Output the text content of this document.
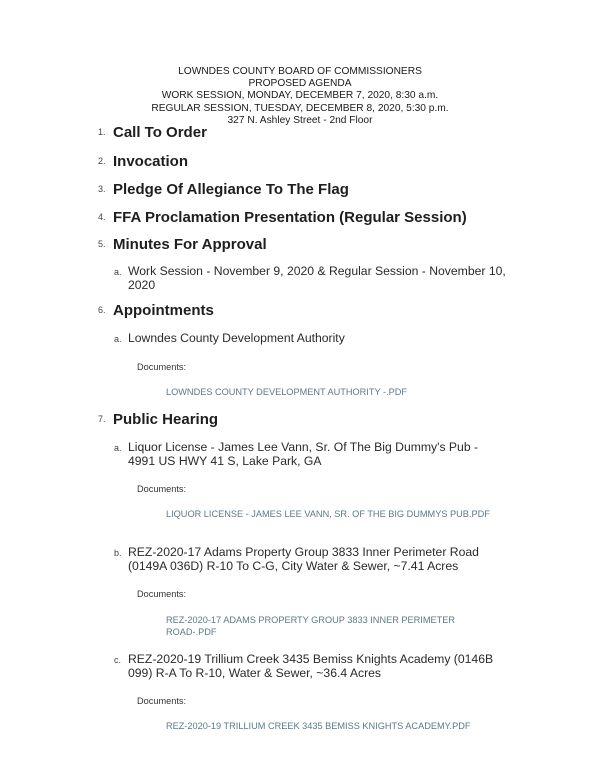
LOWNDES COUNTY BOARD OF COMMISSIONERS
PROPOSED AGENDA
WORK SESSION, MONDAY, DECEMBER 7, 2020, 8:30 a.m.
REGULAR SESSION, TUESDAY, DECEMBER 8, 2020, 5:30 p.m.
327 N. Ashley Street - 2nd Floor
1. Call To Order
2. Invocation
3. Pledge Of Allegiance To The Flag
4. FFA Proclamation Presentation (Regular Session)
5. Minutes For Approval
a. Work Session - November 9, 2020 & Regular Session - November 10, 2020
6. Appointments
a. Lowndes County Development Authority
Documents:
LOWNDES COUNTY DEVELOPMENT AUTHORITY -.PDF
7. Public Hearing
a. Liquor License - James Lee Vann, Sr. Of The Big Dummy's Pub - 4991 US HWY 41 S, Lake Park, GA
Documents:
LIQUOR LICENSE - JAMES LEE VANN, SR. OF THE BIG DUMMYS PUB.PDF
b. REZ-2020-17 Adams Property Group 3833 Inner Perimeter Road (0149A 036D) R-10 To C-G, City Water & Sewer, ~7.41 Acres
Documents:
REZ-2020-17 ADAMS PROPERTY GROUP 3833 INNER PERIMETER ROAD-.PDF
c. REZ-2020-19 Trillium Creek 3435 Bemiss Knights Academy (0146B 099) R-A To R-10, Water & Sewer, ~36.4 Acres
Documents:
REZ-2020-19 TRILLIUM CREEK 3435 BEMISS KNIGHTS ACADEMY.PDF
